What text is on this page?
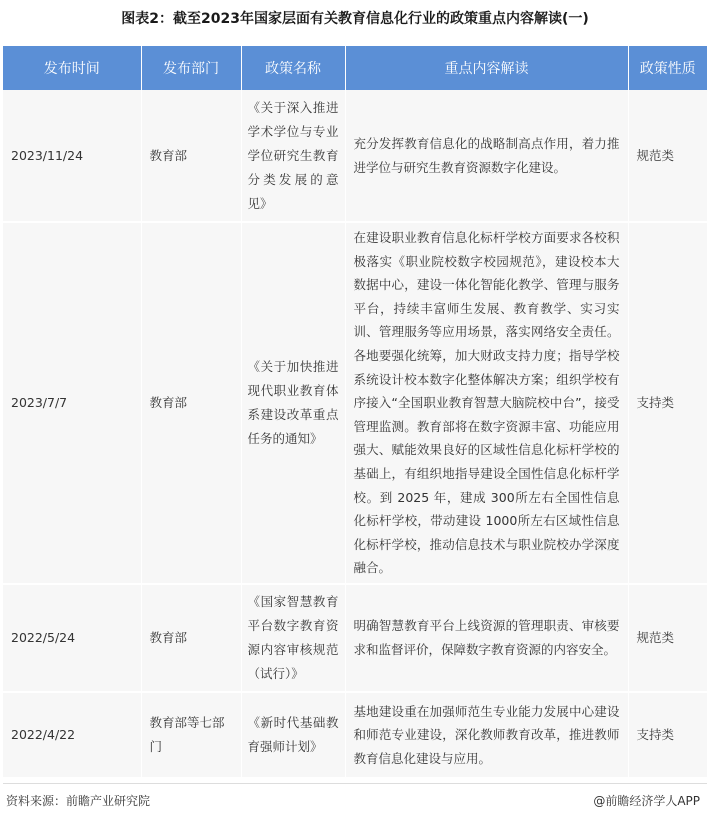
图表2：截至2023年国家层面有关教育信息化行业的政策重点内容解读(一)
发布时间	发布部门	政策名称	重点内容解读	政策性质
2023/11/24	教育部	《关于深入推进学术学位与专业学位研究生教育分类发展的意见》	充分发挥教育信息化的战略制高点作用，着力推进学位与研究生教育资源数字化建设。	规范类
2023/7/7	教育部	《关于加快推进现代职业教育体系建设改革重点任务的通知》	在建设职业教育信息化标杆学校方面要求各校积极落实《职业院校数字校园规范》，建设校本大数据中心，建设一体化智能化教学、管理与服务平台，持续丰富师生发展、教育教学、实习实训、管理服务等应用场景，落实网络安全责任。各地要强化统筹，加大财政支持力度；指导学校系统设计校本数字化整体解决方案；组织学校有序接入“全国职业教育智慧大脑院校中台”，接受管理监测。教育部将在数字资源丰富、功能应用强大、赋能效果良好的区域性信息化标杆学校的基础上，有组织地指导建设全国性信息化标杆学校。到 2025 年，建成 300所左右全国性信息化标杆学校，带动建设 1000所左右区域性信息化标杆学校，推动信息技术与职业院校办学深度融合。	支持类
2022/5/24	教育部	《国家智慧教育平台数字教育资源内容审核规范（试行）》	明确智慧教育平台上线资源的管理职责、审核要求和监督评价，保障数字教育资源的内容安全。	规范类
2022/4/22	教育部等七部门	《新时代基础教育强师计划》	基地建设重在加强师范生专业能力发展中心建设和师范专业建设，深化教师教育改革，推进教师教育信息化建设与应用。	支持类
资料来源：前瞻产业研究院	@前瞻经济学人APP
